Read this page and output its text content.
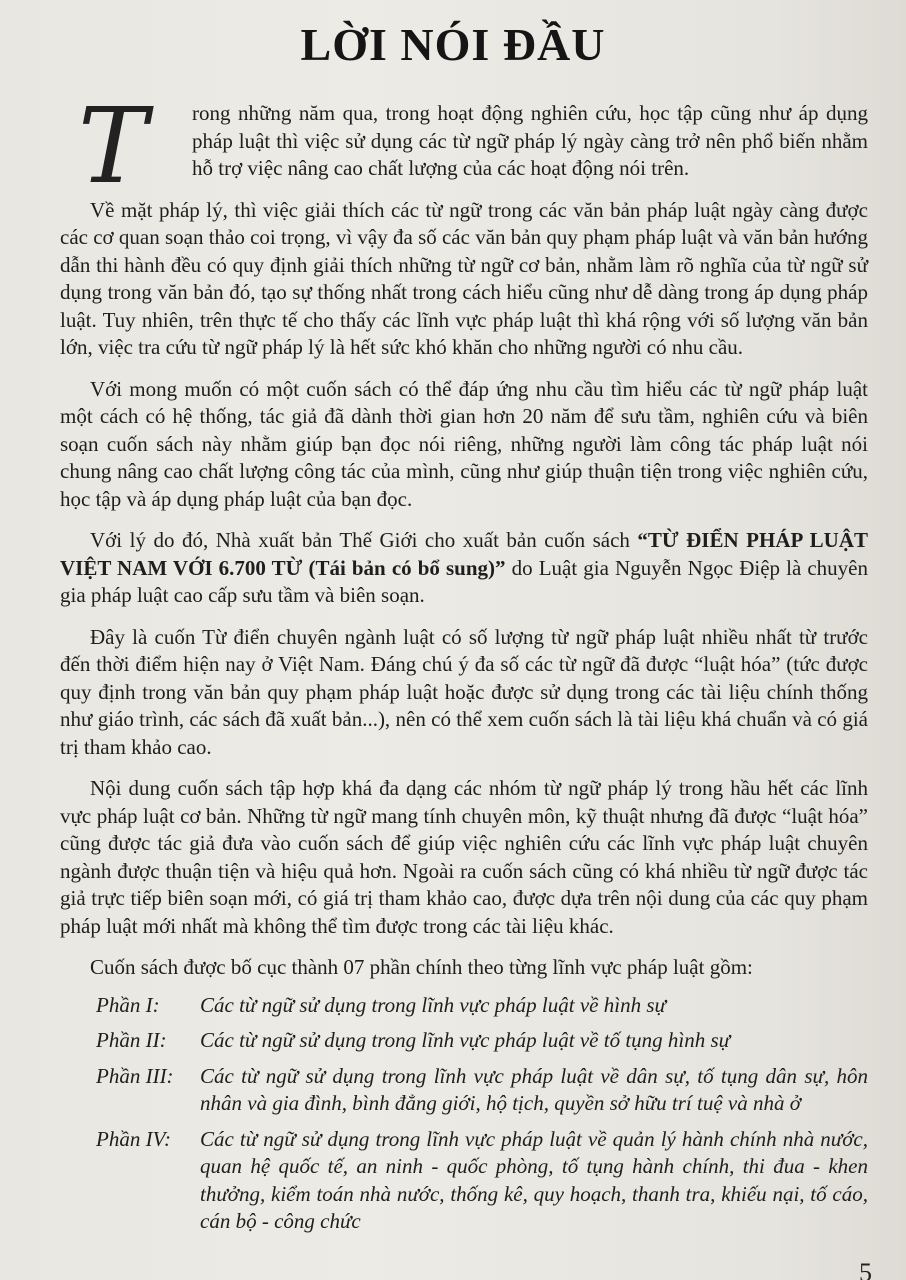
LỜI NÓI ĐẦU

T	rong những năm qua, trong hoạt động nghiên cứu, học tập cũng như áp dụng pháp luật thì việc sử dụng các từ ngữ pháp lý ngày càng trở nên phổ biến nhằm hỗ trợ việc nâng cao chất lượng của các hoạt động nói trên.

Về mặt pháp lý, thì việc giải thích các từ ngữ trong các văn bản pháp luật ngày càng được các cơ quan soạn thảo coi trọng, vì vậy đa số các văn bản quy phạm pháp luật và văn bản hướng dẫn thi hành đều có quy định giải thích những từ ngữ cơ bản, nhằm làm rõ nghĩa của từ ngữ sử dụng trong văn bản đó, tạo sự thống nhất trong cách hiểu cũng như dễ dàng trong áp dụng pháp luật. Tuy nhiên, trên thực tế cho thấy các lĩnh vực pháp luật thì khá rộng với số lượng văn bản lớn, việc tra cứu từ ngữ pháp lý là hết sức khó khăn cho những người có nhu cầu.

Với mong muốn có một cuốn sách có thể đáp ứng nhu cầu tìm hiểu các từ ngữ pháp luật một cách có hệ thống, tác giả đã dành thời gian hơn 20 năm để sưu tầm, nghiên cứu và biên soạn cuốn sách này nhằm giúp bạn đọc nói riêng, những người làm công tác pháp luật nói chung nâng cao chất lượng công tác của mình, cũng như giúp thuận tiện trong việc nghiên cứu, học tập và áp dụng pháp luật của bạn đọc.

Với lý do đó, Nhà xuất bản Thế Giới cho xuất bản cuốn sách “TỪ ĐIỂN PHÁP LUẬT VIỆT NAM VỚI 6.700 TỪ (Tái bản có bổ sung)” do Luật gia Nguyễn Ngọc Điệp là chuyên gia pháp luật cao cấp sưu tầm và biên soạn.

Đây là cuốn Từ điển chuyên ngành luật có số lượng từ ngữ pháp luật nhiều nhất từ trước đến thời điểm hiện nay ở Việt Nam. Đáng chú ý đa số các từ ngữ đã được “luật hóa” (tức được quy định trong văn bản quy phạm pháp luật hoặc được sử dụng trong các tài liệu chính thống như giáo trình, các sách đã xuất bản...), nên có thể xem cuốn sách là tài liệu khá chuẩn và có giá trị tham khảo cao.

Nội dung cuốn sách tập hợp khá đa dạng các nhóm từ ngữ pháp lý trong hầu hết các lĩnh vực pháp luật cơ bản. Những từ ngữ mang tính chuyên môn, kỹ thuật nhưng đã được “luật hóa” cũng được tác giả đưa vào cuốn sách để giúp việc nghiên cứu các lĩnh vực pháp luật chuyên ngành được thuận tiện và hiệu quả hơn. Ngoài ra cuốn sách cũng có khá nhiều từ ngữ được tác giả trực tiếp biên soạn mới, có giá trị tham khảo cao, được dựa trên nội dung của các quy phạm pháp luật mới nhất mà không thể tìm được trong các tài liệu khác.

Cuốn sách được bố cục thành 07 phần chính theo từng lĩnh vực pháp luật gồm:
Phần I:	Các từ ngữ sử dụng trong lĩnh vực pháp luật về hình sự
Phần II:	Các từ ngữ sử dụng trong lĩnh vực pháp luật về tố tụng hình sự
Phần III:	Các từ ngữ sử dụng trong lĩnh vực pháp luật về dân sự, tố tụng dân sự, hôn nhân và gia đình, bình đẳng giới, hộ tịch, quyền sở hữu trí tuệ và nhà ở
Phần IV:	Các từ ngữ sử dụng trong lĩnh vực pháp luật về quản lý hành chính nhà nước, quan hệ quốc tế, an ninh - quốc phòng, tố tụng hành chính, thi đua - khen thưởng, kiểm toán nhà nước, thống kê, quy hoạch, thanh tra, khiếu nại, tố cáo, cán bộ - công chức
5
